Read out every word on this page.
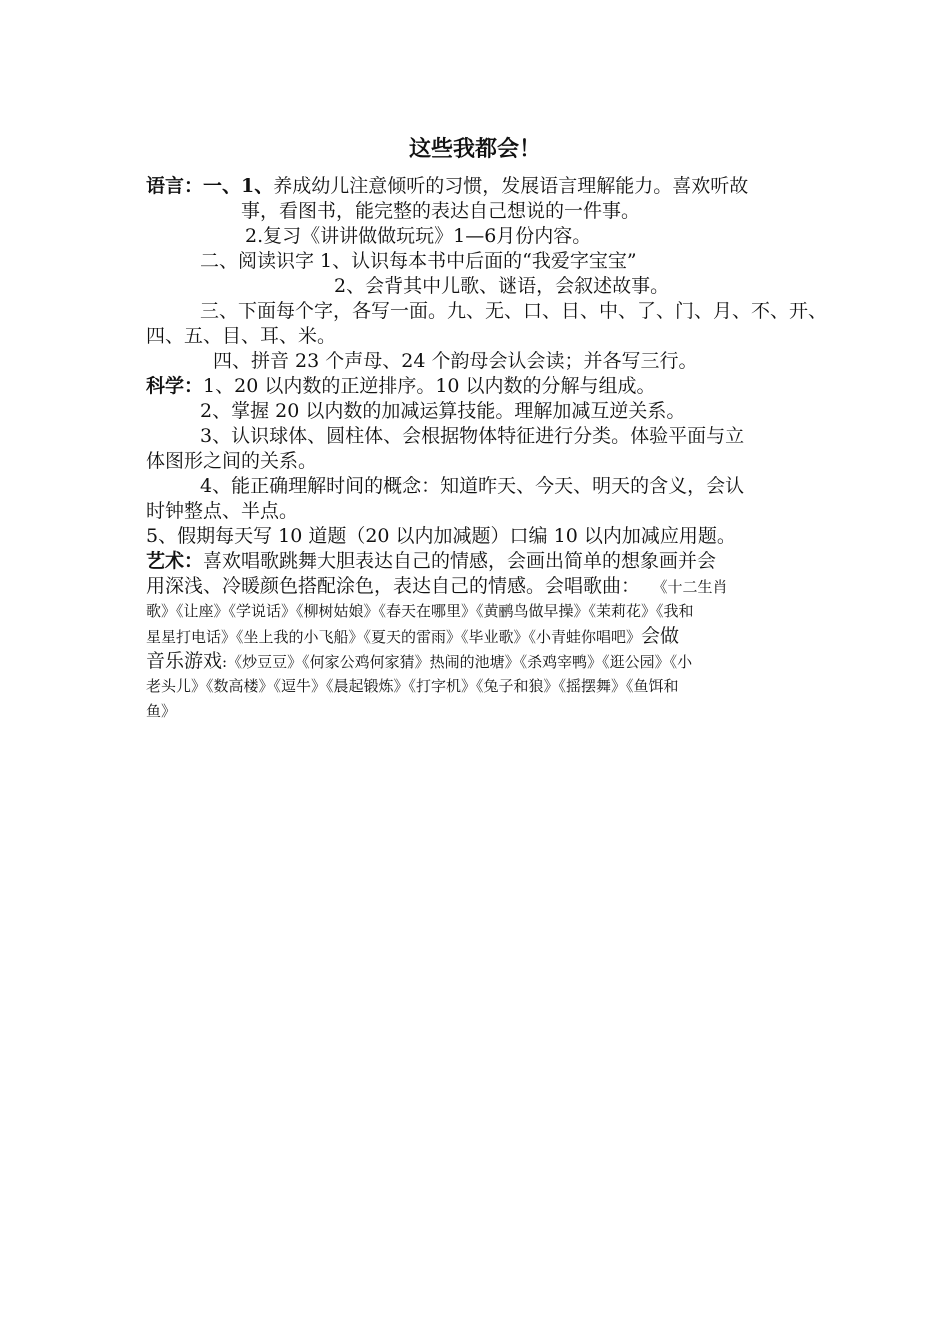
这些我都会！
语言：一、1、养成幼儿注意倾听的习惯，发展语言理解能力。喜欢听故
事，看图书，能完整的表达自己想说的一件事。
2.复习《讲讲做做玩玩》1—6月份内容。
二、阅读识字 1、认识每本书中后面的“我爱字宝宝”
2、会背其中儿歌、谜语，会叙述故事。
三、下面每个字，各写一面。九、无、口、日、中、了、门、月、不、开、
四、五、目、耳、米。
四、拼音 23 个声母、24 个韵母会认会读；并各写三行。
科学：1、20 以内数的正逆排序。10 以内数的分解与组成。
2、掌握 20 以内数的加减运算技能。理解加减互逆关系。
3、认识球体、圆柱体、会根据物体特征进行分类。体验平面与立
体图形之间的关系。
4、能正确理解时间的概念：知道昨天、今天、明天的含义，会认
时钟整点、半点。
5、假期每天写 10 道题（20 以内加减题）口编 10 以内加减应用题。
艺术：喜欢唱歌跳舞大胆表达自己的情感，会画出简单的想象画并会
用深浅、冷暖颜色搭配涂色，表达自己的情感。会唱歌曲： 《十二生肖
歌》《让座》《学说话》《柳树姑娘》《春天在哪里》《黄鹂鸟做早操》《茉莉花》《我和
星星打电话》《坐上我的小飞船》《夏天的雷雨》《毕业歌》《小青蛙你唱吧》会做
音乐游戏:《炒豆豆》《何家公鸡何家猜》热闹的池塘》《杀鸡宰鸭》《逛公园》《小
老头儿》《数高楼》《逗牛》《晨起锻炼》《打字机》《兔子和狼》《摇摆舞》《鱼饵和
鱼》
